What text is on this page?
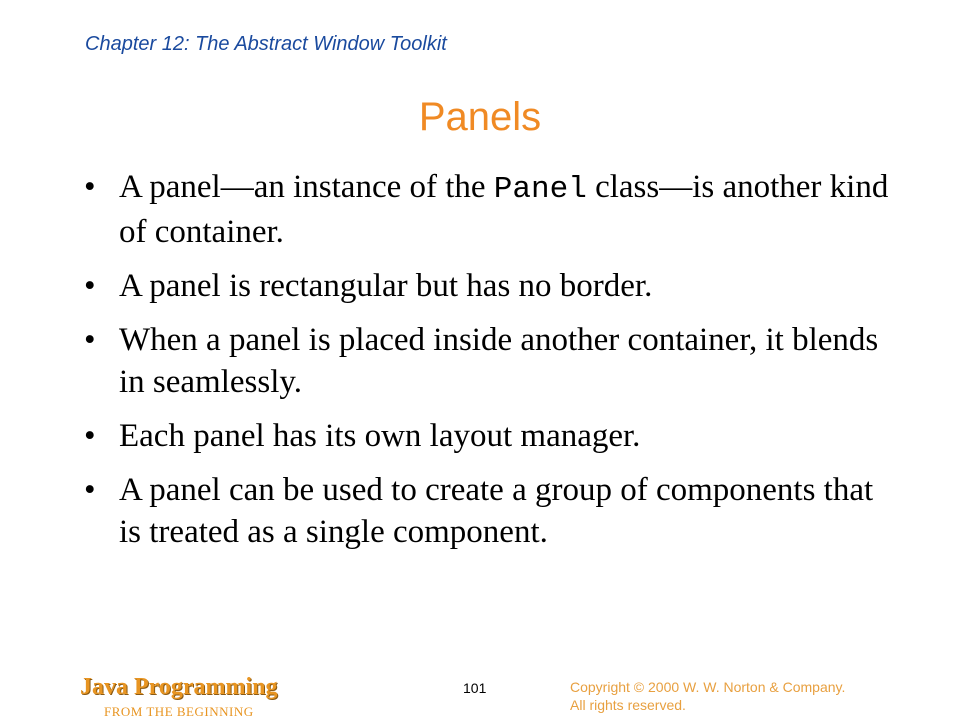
Chapter 12: The Abstract Window Toolkit
Panels
• A panel—an instance of the Panel class—is another kind of container.
• A panel is rectangular but has no border.
• When a panel is placed inside another container, it blends in seamlessly.
• Each panel has its own layout manager.
• A panel can be used to create a group of components that is treated as a single component.
Java Programming
FROM THE BEGINNING
101	Copyright © 2000 W. W. Norton & Company.
All rights reserved.
